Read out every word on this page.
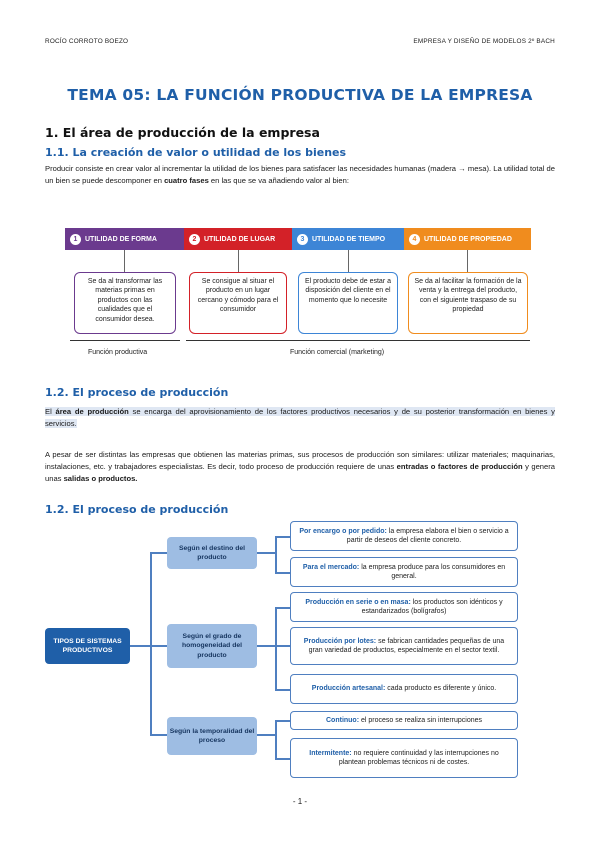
ROCÍO CORROTO BOEZO	EMPRESA Y DISEÑO DE MODELOS 2º BACH
TEMA 05: LA FUNCIÓN PRODUCTIVA DE LA EMPRESA
1. El área de producción de la empresa
1.1. La creación de valor o utilidad de los bienes
Producir consiste en crear valor al incrementar la utilidad de los bienes para satisfacer las necesidades humanas (madera → mesa). La utilidad total de un bien se puede descomponer en cuatro fases en las que se va añadiendo valor al bien:
1	UTILIDAD DE FORMA	2	UTILIDAD DE LUGAR	3	UTILIDAD DE TIEMPO	4	UTILIDAD DE PROPIEDAD
Se da al transformar las materias primas en productos con las cualidades que el consumidor desea.
Se consigue al situar el producto en un lugar cercano y cómodo para el consumidor
El producto debe de estar a disposición del cliente en el momento que lo necesite
Se da al facilitar la formación de la venta y la entrega del producto, con el siguiente traspaso de su propiedad
Función productiva	Función comercial (marketing)
1.2. El proceso de producción
El área de producción se encarga del aprovisionamiento de los factores productivos necesarios y de su posterior transformación en bienes y servicios.
A pesar de ser distintas las empresas que obtienen las materias primas, sus procesos de producción son similares: utilizar materiales; maquinarias, instalaciones, etc. y trabajadores especialistas. Es decir, todo proceso de producción requiere de unas entradas o factores de producción y genera unas salidas o productos.
1.2. El proceso de producción
TIPOS DE SISTEMAS PRODUCTIVOS
Según el destino del producto
Según el grado de homogeneidad del producto
Según la temporalidad del proceso
Por encargo o por pedido: la empresa elabora el bien o servicio a partir de deseos del cliente concreto.
Para el mercado: la empresa produce para los consumidores en general.
Producción en serie o en masa: los productos son idénticos y estandarizados (bolígrafos)
Producción por lotes: se fabrican cantidades pequeñas de una gran variedad de productos, especialmente en el sector textil.
Producción artesanal: cada producto es diferente y único.
Continuo: el proceso se realiza sin interrupciones
Intermitente: no requiere continuidad y las interrupciones no plantean problemas técnicos ni de costes.
- 1 -
